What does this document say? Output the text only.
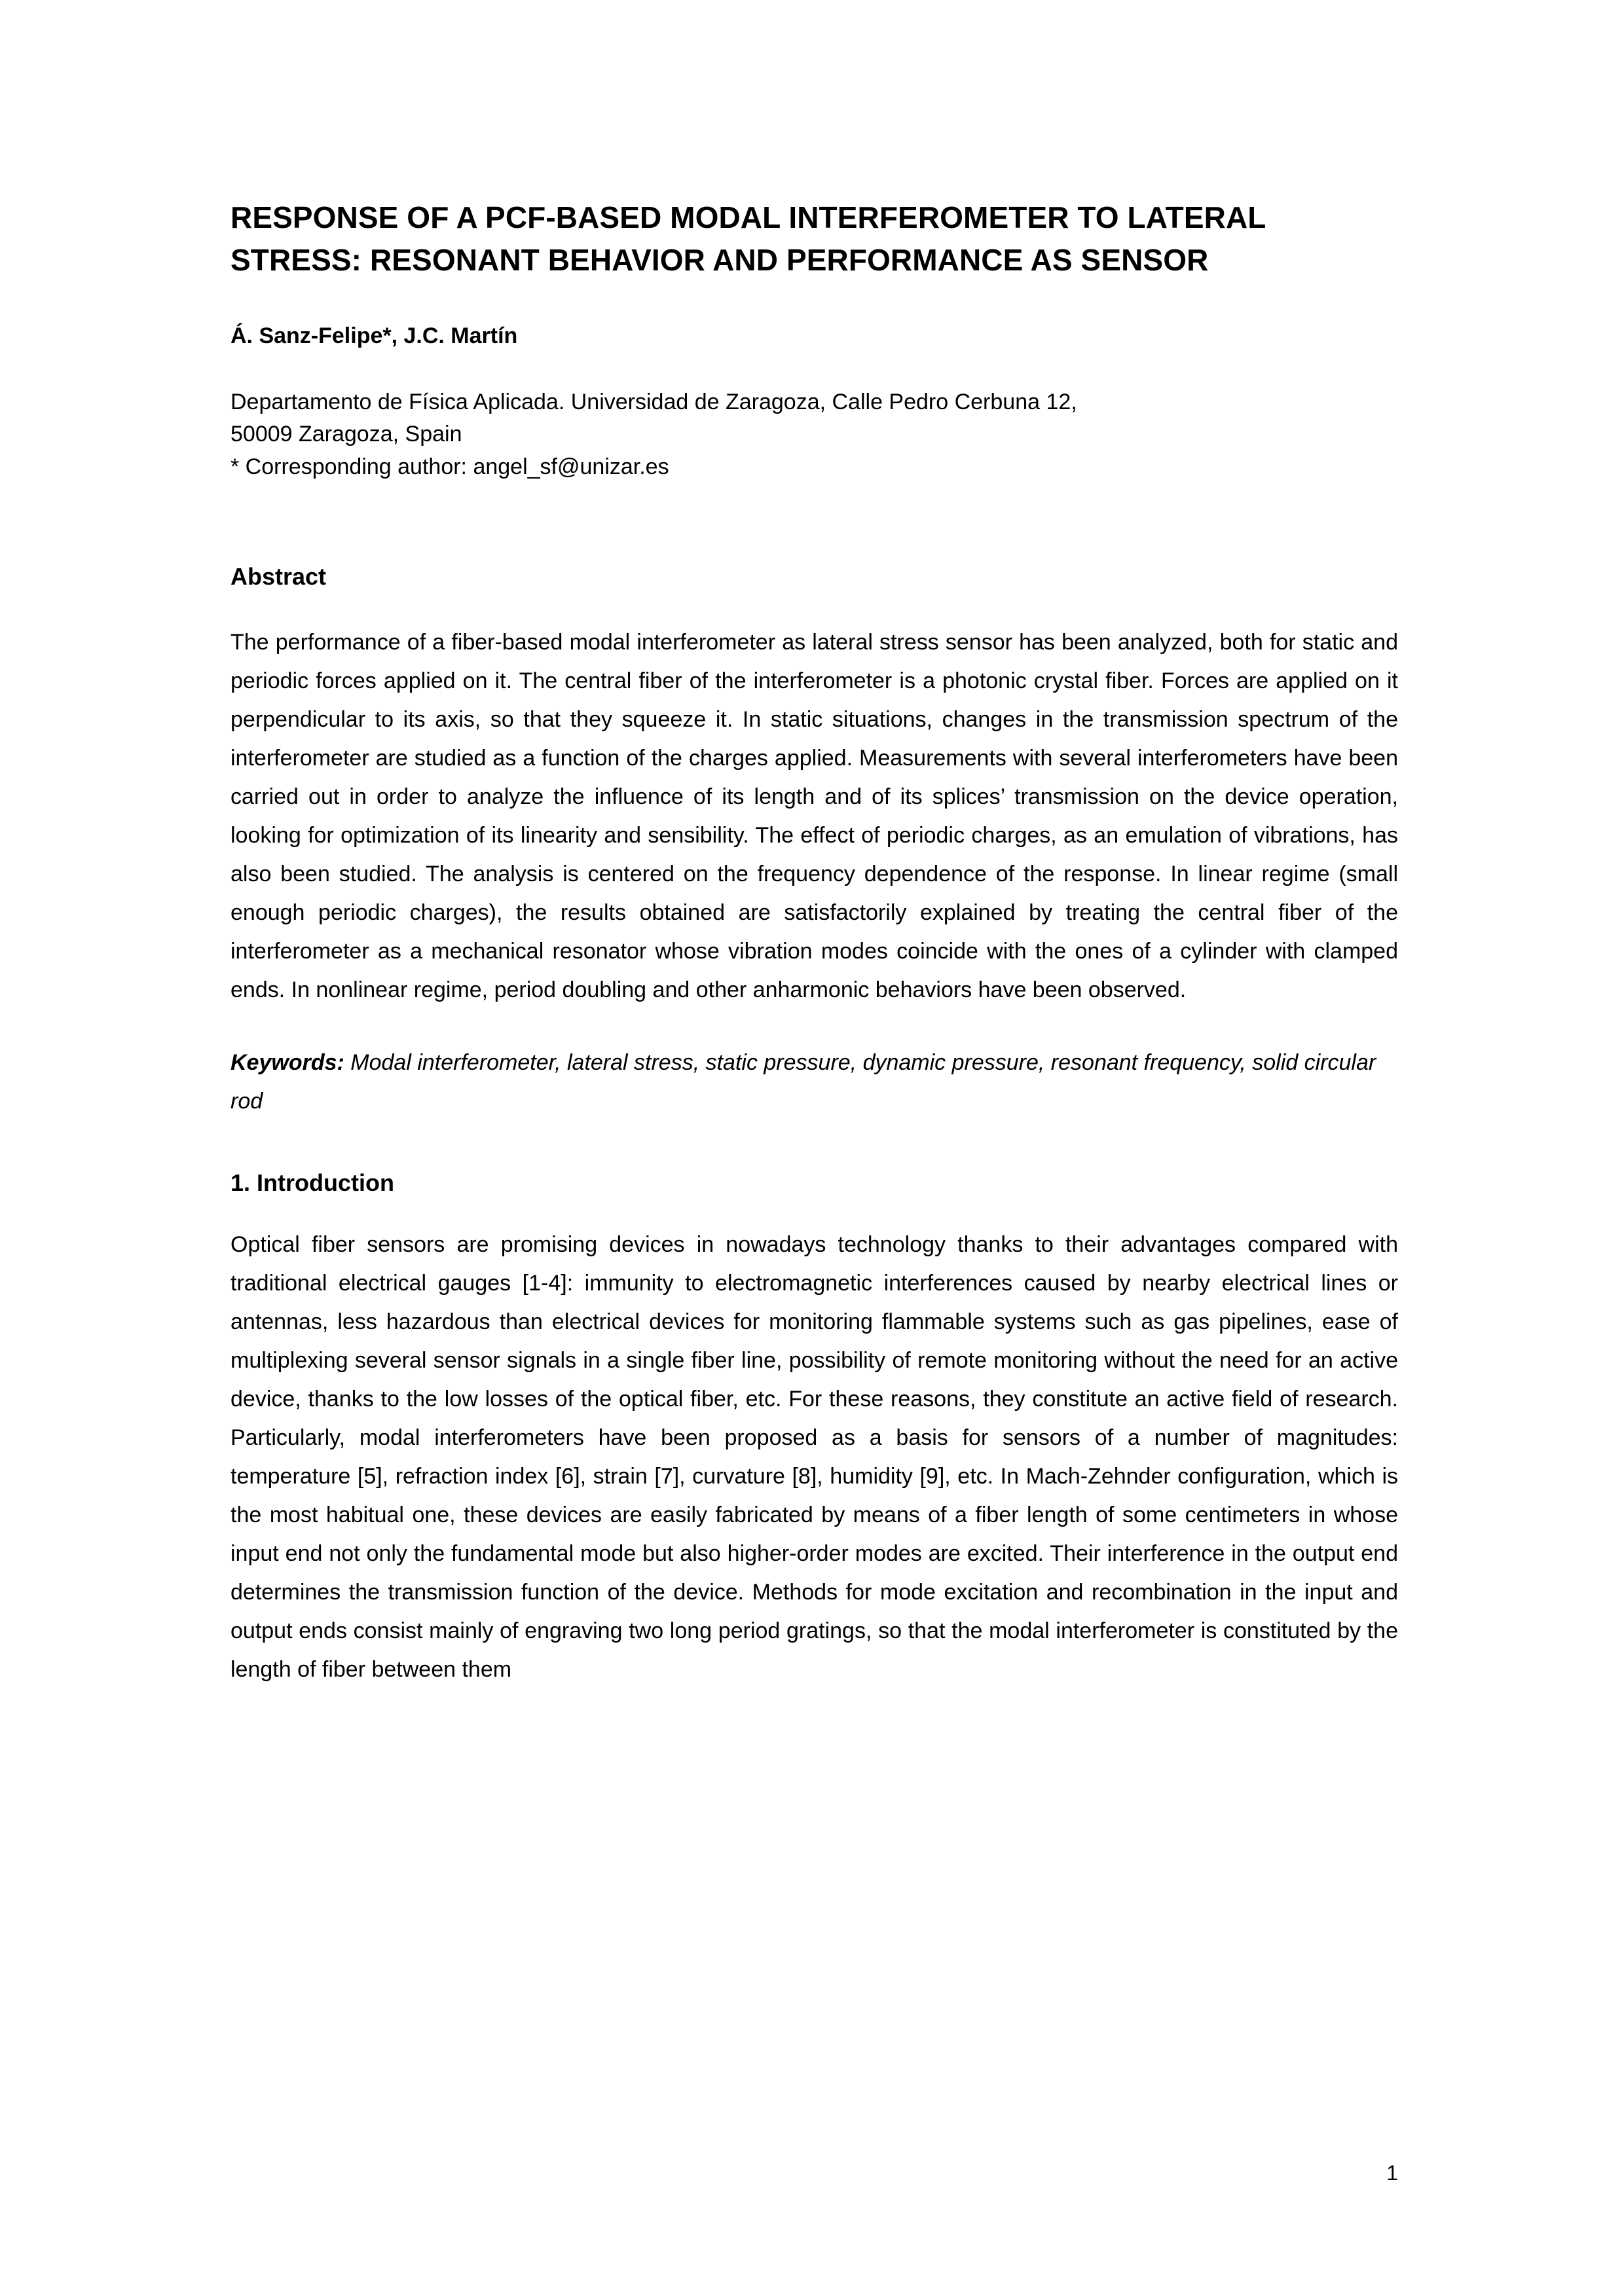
RESPONSE OF A PCF-BASED MODAL INTERFEROMETER TO LATERAL STRESS: RESONANT BEHAVIOR AND PERFORMANCE AS SENSOR
Á. Sanz-Felipe*, J.C. Martín
Departamento de Física Aplicada. Universidad de Zaragoza, Calle Pedro Cerbuna 12,
50009 Zaragoza, Spain
* Corresponding author: angel_sf@unizar.es
Abstract

The performance of a fiber-based modal interferometer as lateral stress sensor has been analyzed, both for static and periodic forces applied on it. The central fiber of the interferometer is a photonic crystal fiber. Forces are applied on it perpendicular to its axis, so that they squeeze it. In static situations, changes in the transmission spectrum of the interferometer are studied as a function of the charges applied. Measurements with several interferometers have been carried out in order to analyze the influence of its length and of its splices’ transmission on the device operation, looking for optimization of its linearity and sensibility. The effect of periodic charges, as an emulation of vibrations, has also been studied. The analysis is centered on the frequency dependence of the response. In linear regime (small enough periodic charges), the results obtained are satisfactorily explained by treating the central fiber of the interferometer as a mechanical resonator whose vibration modes coincide with the ones of a cylinder with clamped ends. In nonlinear regime, period doubling and other anharmonic behaviors have been observed.

Keywords: Modal interferometer, lateral stress, static pressure, dynamic pressure, resonant frequency, solid circular rod

1. Introduction

Optical fiber sensors are promising devices in nowadays technology thanks to their advantages compared with traditional electrical gauges [1-4]: immunity to electromagnetic interferences caused by nearby electrical lines or antennas, less hazardous than electrical devices for monitoring flammable systems such as gas pipelines, ease of multiplexing several sensor signals in a single fiber line, possibility of remote monitoring without the need for an active device, thanks to the low losses of the optical fiber, etc. For these reasons, they constitute an active field of research. Particularly, modal interferometers have been proposed as a basis for sensors of a number of magnitudes: temperature [5], refraction index [6], strain [7], curvature [8], humidity [9], etc. In Mach-Zehnder configuration, which is the most habitual one, these devices are easily fabricated by means of a fiber length of some centimeters in whose input end not only the fundamental mode but also higher-order modes are excited. Their interference in the output end determines the transmission function of the device. Methods for mode excitation and recombination in the input and output ends consist mainly of engraving two long period gratings, so that the modal interferometer is constituted by the length of fiber between them

1
